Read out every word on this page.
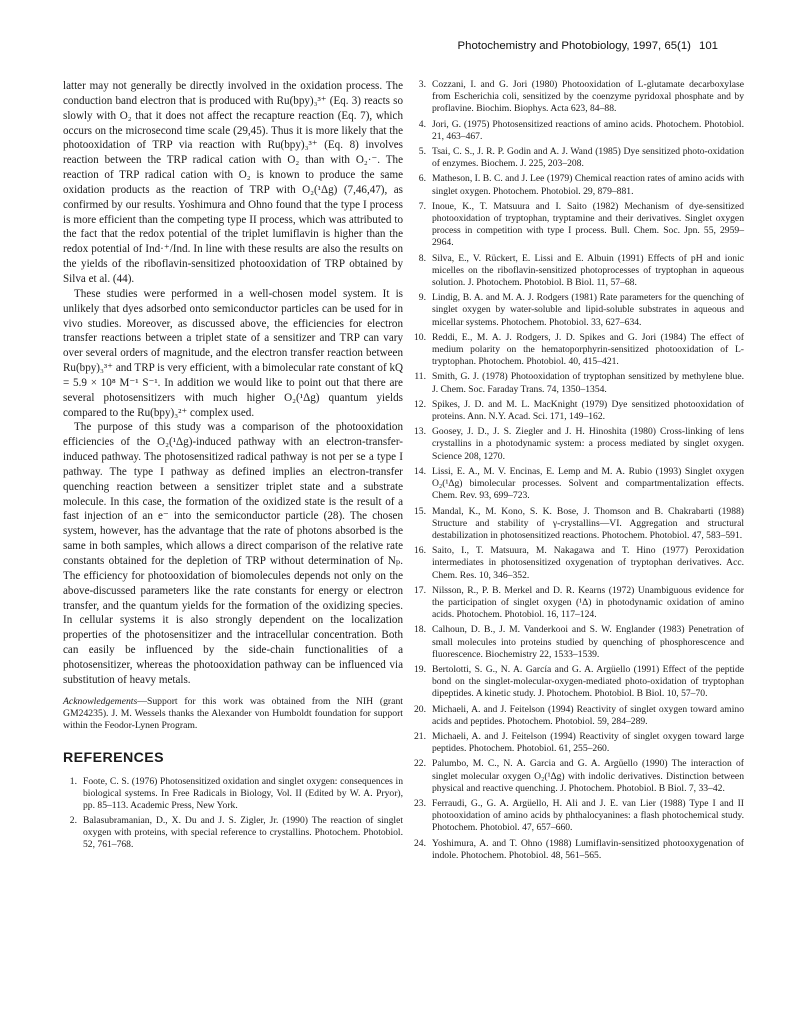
Photochemistry and Photobiology, 1997, 65(1) 101

latter may not generally be directly involved in the oxidation process. The conduction band electron that is produced with Ru(bpy)₃³⁺ (Eq. 3) reacts so slowly with O₂ that it does not affect the recapture reaction (Eq. 7), which occurs on the microsecond time scale (29,45). Thus it is more likely that the photooxidation of TRP via reaction with Ru(bpy)₃³⁺ (Eq. 8) involves reaction between the TRP radical cation with O₂ than with O₂·⁻. The reaction of TRP radical cation with O₂ is known to produce the same oxidation products as the reaction of TRP with O₂(¹Δg) (7,46,47), as confirmed by our results. Yoshimura and Ohno found that the type I process is more efficient than the competing type II process, which was attributed to the fact that the redox potential of the triplet lumiflavin is higher than the redox potential of Ind·⁺/Ind. In line with these results are also the results on the yields of the riboflavin-sensitized photooxidation of TRP obtained by Silva et al. (44).

These studies were performed in a well-chosen model system. It is unlikely that dyes adsorbed onto semiconductor particles can be used for in vivo studies. Moreover, as discussed above, the efficiencies for electron transfer reactions between a triplet state of a sensitizer and TRP can vary over several orders of magnitude, and the electron transfer reaction between Ru(bpy)₃³⁺ and TRP is very efficient, with a bimolecular rate constant of kQ = 5.9 × 10⁸ M⁻¹ S⁻¹. In addition we would like to point out that there are several photosensitizers with much higher O₂(¹Δg) quantum yields compared to the Ru(bpy)₃²⁺ complex used.

The purpose of this study was a comparison of the photooxidation efficiencies of the O₂(¹Δg)-induced pathway with an electron-transfer-induced pathway. The photosensitized radical pathway is not per se a type I pathway. The type I pathway as defined implies an electron-transfer quenching reaction between a sensitizer triplet state and a substrate molecule. In this case, the formation of the oxidized state is the result of a fast injection of an e⁻ into the semiconductor particle (28). The chosen system, however, has the advantage that the rate of photons absorbed is the same in both samples, which allows a direct comparison of the relative rate constants obtained for the depletion of TRP without determination of Nₚ. The efficiency for photooxidation of biomolecules depends not only on the above-discussed parameters like the rate constants for energy or electron transfer, and the quantum yields for the formation of the oxidizing species. In cellular systems it is also strongly dependent on the localization properties of the photosensitizer and the intracellular concentration. Both can easily be influenced by the side-chain functionalities of a photosensitizer, whereas the photooxidation pathway can be influenced via substitution of heavy metals.

Acknowledgements—Support for this work was obtained from the NIH (grant GM24235). J. M. Wessels thanks the Alexander von Humboldt foundation for support within the Feodor-Lynen Program.

REFERENCES
1. Foote, C. S. (1976) Photosensitized oxidation and singlet oxygen: consequences in biological systems. In Free Radicals in Biology, Vol. II (Edited by W. A. Pryor), pp. 85–113. Academic Press, New York.
2. Balasubramanian, D., X. Du and J. S. Zigler, Jr. (1990) The reaction of singlet oxygen with proteins, with special reference to crystallins. Photochem. Photobiol. 52, 761–768.
3. Cozzani, I. and G. Jori (1980) Photooxidation of L-glutamate decarboxylase from Escherichia coli, sensitized by the coenzyme pyridoxal phosphate and by proflavine. Biochim. Biophys. Acta 623, 84–88.
4. Jori, G. (1975) Photosensitized reactions of amino acids. Photochem. Photobiol. 21, 463–467.
5. Tsai, C. S., J. R. P. Godin and A. J. Wand (1985) Dye sensitized photo-oxidation of enzymes. Biochem. J. 225, 203–208.
6. Matheson, I. B. C. and J. Lee (1979) Chemical reaction rates of amino acids with singlet oxygen. Photochem. Photobiol. 29, 879–881.
7. Inoue, K., T. Matsuura and I. Saito (1982) Mechanism of dye-sensitized photooxidation of tryptophan, tryptamine and their derivatives. Singlet oxygen process in competition with type I process. Bull. Chem. Soc. Jpn. 55, 2959–2964.
8. Silva, E., V. Rückert, E. Lissi and E. Albuin (1991) Effects of pH and ionic micelles on the riboflavin-sensitized photoprocesses of tryptophan in aqueous solution. J. Photochem. Photobiol. B Biol. 11, 57–68.
9. Lindig, B. A. and M. A. J. Rodgers (1981) Rate parameters for the quenching of singlet oxygen by water-soluble and lipid-soluble substrates in aqueous and micellar systems. Photochem. Photobiol. 33, 627–634.
10. Reddi, E., M. A. J. Rodgers, J. D. Spikes and G. Jori (1984) The effect of medium polarity on the hematoporphyrin-sensitized photooxidation of L-tryptophan. Photochem. Photobiol. 40, 415–421.
11. Smith, G. J. (1978) Photooxidation of tryptophan sensitized by methylene blue. J. Chem. Soc. Faraday Trans. 74, 1350–1354.
12. Spikes, J. D. and M. L. MacKnight (1979) Dye sensitized photooxidation of proteins. Ann. N.Y. Acad. Sci. 171, 149–162.
13. Goosey, J. D., J. S. Ziegler and J. H. Hinoshita (1980) Cross-linking of lens crystallins in a photodynamic system: a process mediated by singlet oxygen. Science 208, 1270.
14. Lissi, E. A., M. V. Encinas, E. Lemp and M. A. Rubio (1993) Singlet oxygen O₂(¹Δg) bimolecular processes. Solvent and compartmentalization effects. Chem. Rev. 93, 699–723.
15. Mandal, K., M. Kono, S. K. Bose, J. Thomson and B. Chakrabarti (1988) Structure and stability of γ-crystallins—VI. Aggregation and structural destabilization in photosensitized reactions. Photochem. Photobiol. 47, 583–591.
16. Saito, I., T. Matsuura, M. Nakagawa and T. Hino (1977) Peroxidation intermediates in photosensitized oxygenation of tryptophan derivatives. Acc. Chem. Res. 10, 346–352.
17. Nilsson, R., P. B. Merkel and D. R. Kearns (1972) Unambiguous evidence for the participation of singlet oxygen (¹Δ) in photodynamic oxidation of amino acids. Photochem. Photobiol. 16, 117–124.
18. Calhoun, D. B., J. M. Vanderkooi and S. W. Englander (1983) Penetration of small molecules into proteins studied by quenching of phosphorescence and fluorescence. Biochemistry 22, 1533–1539.
19. Bertolotti, S. G., N. A. García and G. A. Argüello (1991) Effect of the peptide bond on the singlet-molecular-oxygen-mediated photo-oxidation of tryptophan dipeptides. A kinetic study. J. Photochem. Photobiol. B Biol. 10, 57–70.
20. Michaeli, A. and J. Feitelson (1994) Reactivity of singlet oxygen toward amino acids and peptides. Photochem. Photobiol. 59, 284–289.
21. Michaeli, A. and J. Feitelson (1994) Reactivity of singlet oxygen toward large peptides. Photochem. Photobiol. 61, 255–260.
22. Palumbo, M. C., N. A. Garcia and G. A. Argüello (1990) The interaction of singlet molecular oxygen O₂(¹Δg) with indolic derivatives. Distinction between physical and reactive quenching. J. Photochem. Photobiol. B Biol. 7, 33–42.
23. Ferraudi, G., G. A. Argüello, H. Ali and J. E. van Lier (1988) Type I and II photooxidation of amino acids by phthalocyanines: a flash photochemical study. Photochem. Photobiol. 47, 657–660.
24. Yoshimura, A. and T. Ohno (1988) Lumiflavin-sensitized photooxygenation of indole. Photochem. Photobiol. 48, 561–565.
